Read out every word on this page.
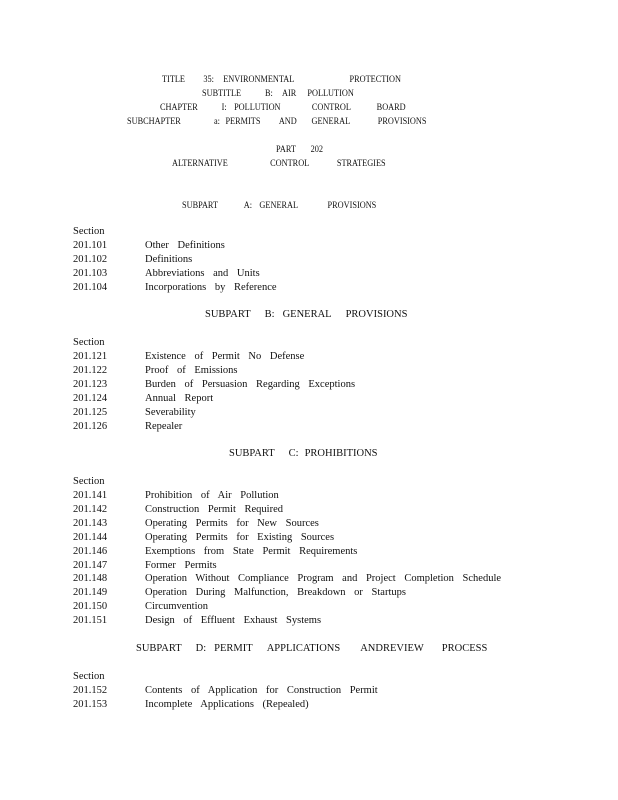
TITLE 35: ENVIRONMENTAL	PROTECTION
SUBTITLE	B: AIR POLLUTION
CHAPTER	I: POLLUTION	CONTROL	BOARD
SUBCHAPTER	a: PERMITS AND GENERAL	PROVISIONS
PART 202
ALTERNATIVE	CONTROL	STRATEGIES
SUBPART	A: GENERAL	PROVISIONS
Section
201.101	Other Definitions
201.102	Definitions
201.103	Abbreviations and Units
201.104	Incorporations by Reference
SUBPART B: GENERAL PROVISIONS
Section
201.121	Existence of Permit No Defense
201.122	Proof of Emissions
201.123	Burden of Persuasion Regarding Exceptions
201.124	Annual Report
201.125	Severability
201.126	Repealer
SUBPART C: PROHIBITIONS
Section
201.141	Prohibition of Air Pollution
201.142	Construction Permit Required
201.143	Operating Permits for New Sources
201.144	Operating Permits for Existing Sources
201.146	Exemptions from State Permit Requirements
201.147	Former Permits
201.148	Operation Without Compliance Program and Project Completion Schedule
201.149	Operation During Malfunction, Breakdown or Startups
201.150	Circumvention
201.151	Design of Effluent Exhaust Systems
SUBPART D: PERMIT APPLICATIONS ANDREVIEW PROCESS
Section
201.152	Contents of Application for Construction Permit
201.153	Incomplete Applications (Repealed)
